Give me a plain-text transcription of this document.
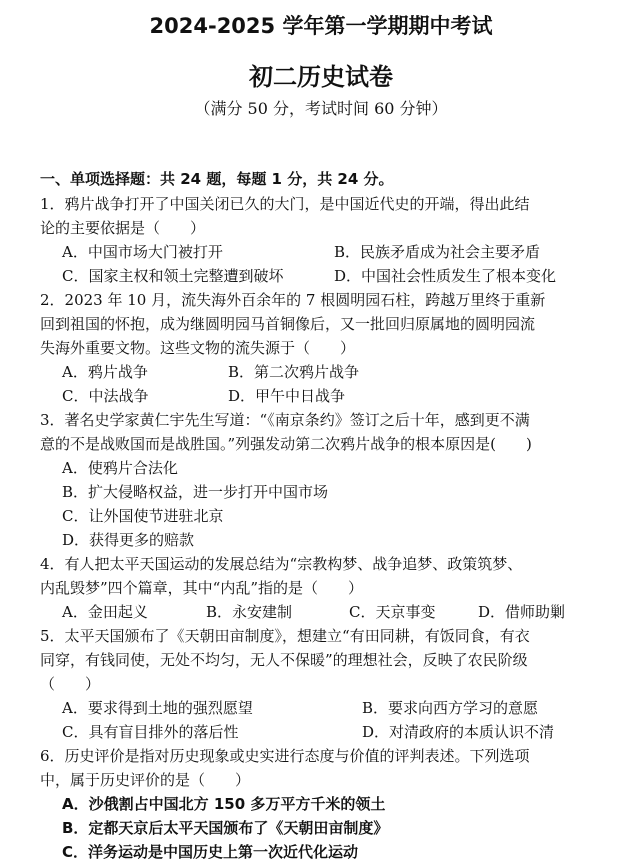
2024-2025 学年第一学期期中考试
初二历史试卷
（满分 50 分，考试时间 60 分钟）
一、单项选择题：共 24 题，每题 1 分，共 24 分。
1．鸦片战争打开了中国关闭已久的大门，是中国近代史的开端，得出此结
论的主要依据是（　　）
A．中国市场大门被打开	B．民族矛盾成为社会主要矛盾
C．国家主权和领土完整遭到破坏	D．中国社会性质发生了根本变化
2．2023 年 10 月，流失海外百余年的 7 根圆明园石柱，跨越万里终于重新
回到祖国的怀抱，成为继圆明园马首铜像后，又一批回归原属地的圆明园流
失海外重要文物。这些文物的流失源于（　　）
A．鸦片战争	B．第二次鸦片战争
C．中法战争	D．甲午中日战争
3．著名史学家黄仁宇先生写道：“《南京条约》签订之后十年，感到更不满
意的不是战败国而是战胜国。”列强发动第二次鸦片战争的根本原因是(　　)
A．使鸦片合法化
B．扩大侵略权益，进一步打开中国市场
C．让外国使节进驻北京
D．获得更多的赔款
4．有人把太平天国运动的发展总结为“宗教构梦、战争追梦、政策筑梦、
内乱毁梦”四个篇章，其中“内乱”指的是（　　）
A．金田起义	B．永安建制	C．天京事变	D．借师助剿
5．太平天国颁布了《天朝田亩制度》，想建立“有田同耕，有饭同食，有衣
同穿，有钱同使，无处不均匀，无人不保暖”的理想社会，反映了农民阶级
（　　）
A．要求得到土地的强烈愿望	B．要求向西方学习的意愿
C．具有盲目排外的落后性	D．对清政府的本质认识不清
6．历史评价是指对历史现象或史实进行态度与价值的评判表述。下列选项
中，属于历史评价的是（　　）
A．沙俄割占中国北方 150 多万平方千米的领土
B．定都天京后太平天国颁布了《天朝田亩制度》
C．洋务运动是中国历史上第一次近代化运动
